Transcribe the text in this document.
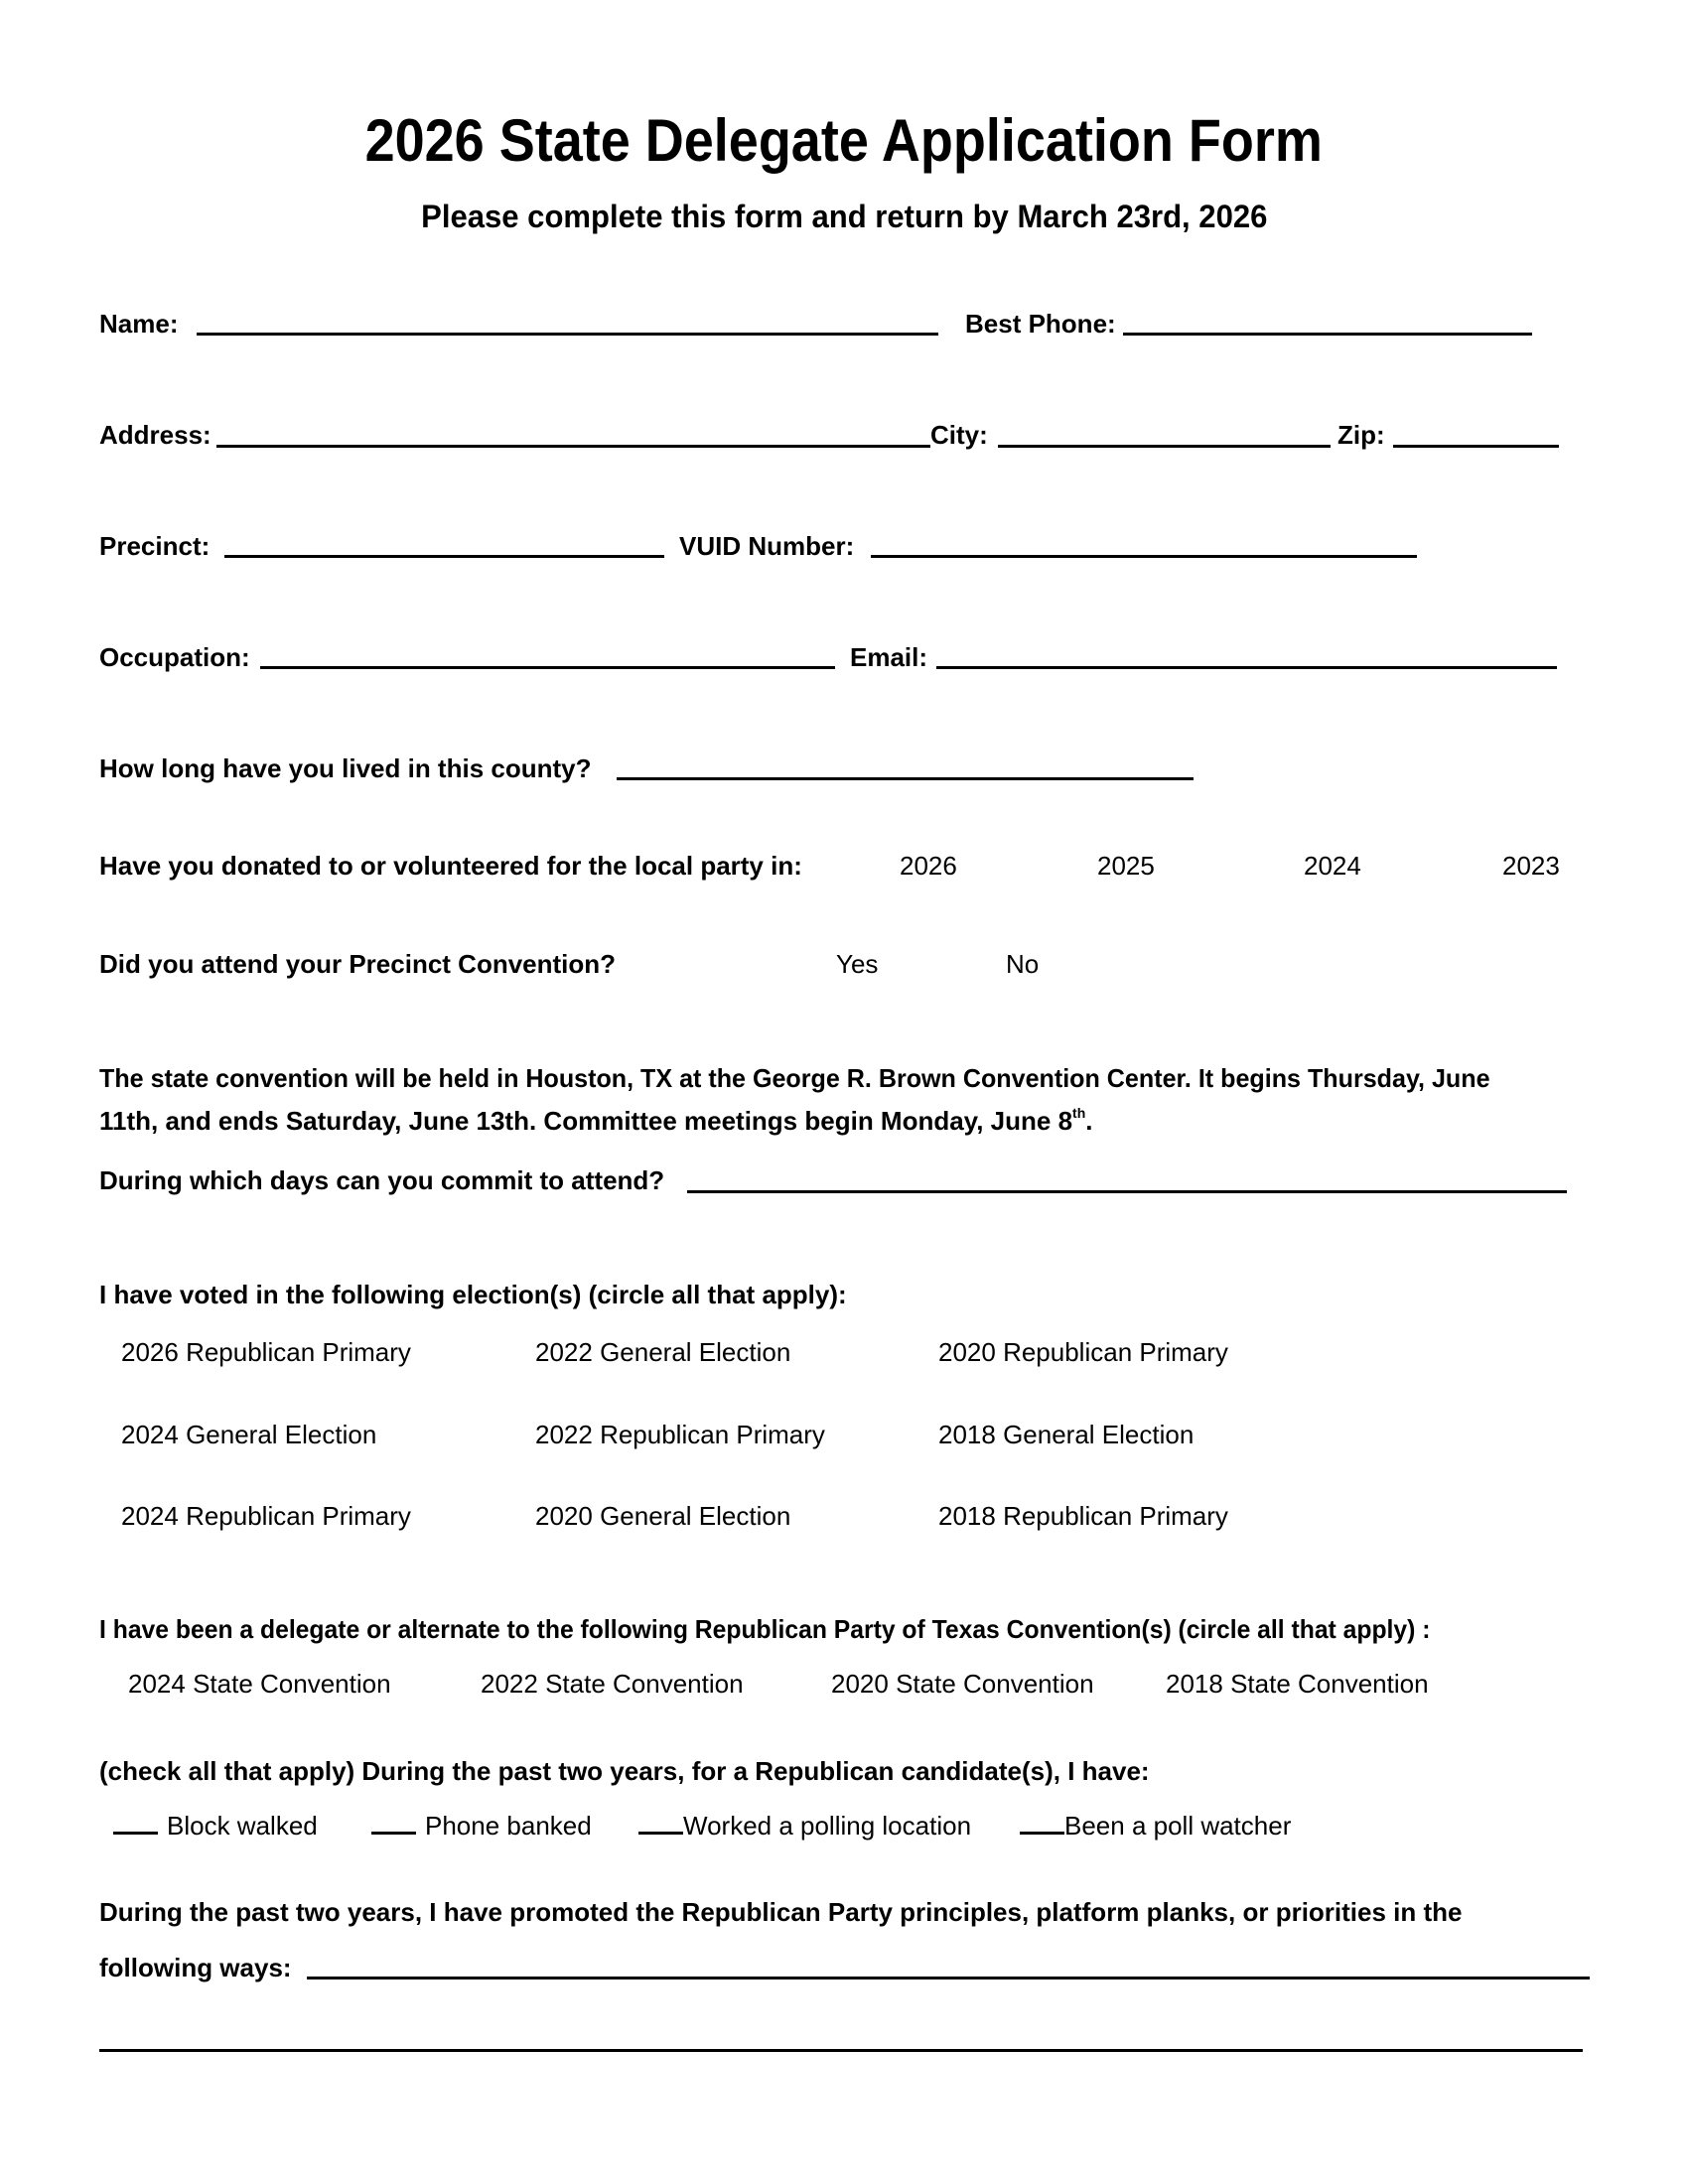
2026 State Delegate Application Form
Please complete this form and return by March 23rd, 2026
Name:	Best Phone:
Address:	City:	Zip:
Precinct:	VUID Number:
Occupation:	Email:
How long have you lived in this county?
Have you donated to or volunteered for the local party in:	2026	2025	2024	2023
Did you attend your Precinct Convention?	Yes	No
The state convention will be held in Houston, TX at the George R. Brown Convention Center. It begins Thursday, June
11th, and ends Saturday, June 13th. Committee meetings begin Monday, June 8th.
During which days can you commit to attend?
I have voted in the following election(s) (circle all that apply):
2026 Republican Primary	2022 General Election	2020 Republican Primary
2024 General Election	2022 Republican Primary	2018 General Election
2024 Republican Primary	2020 General Election	2018 Republican Primary
I have been a delegate or alternate to the following Republican Party of Texas Convention(s) (circle all that apply) :
2024 State Convention	2022 State Convention	2020 State Convention	2018 State Convention
(check all that apply) During the past two years, for a Republican candidate(s), I have:
Block walked	Phone banked	Worked a polling location	Been a poll watcher
During the past two years, I have promoted the Republican Party principles, platform planks, or priorities in the
following ways:
